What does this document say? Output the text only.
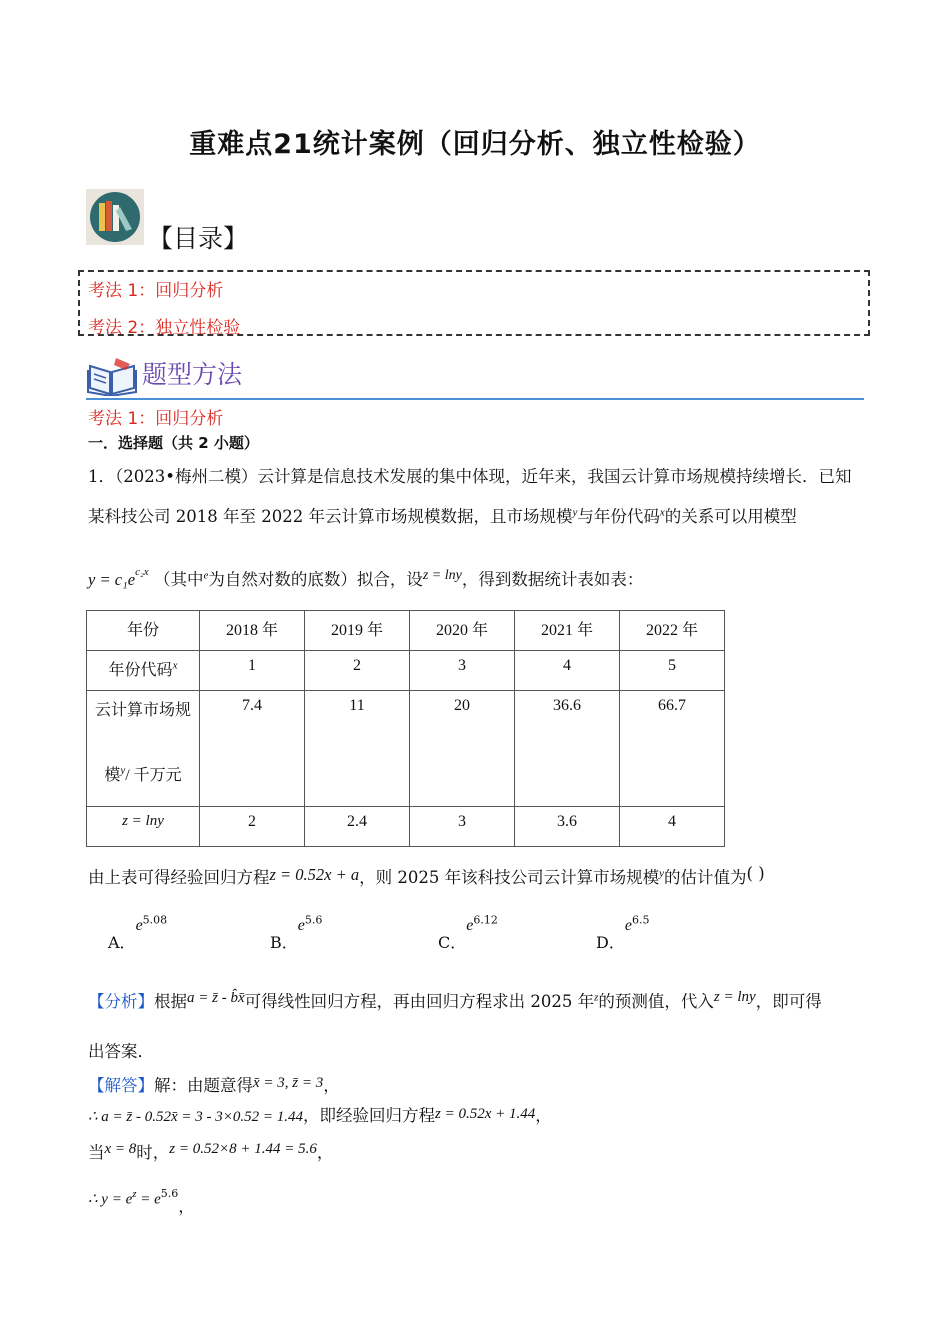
重难点21统计案例（回归分析、独立性检验）
【目录】
考法 1：回归分析
考法 2：独立性检验
题型方法
考法 1：回归分析
一．选择题（共 2 小题）
1．（2023•梅州二模）云计算是信息技术发展的集中体现，近年来，我国云计算市场规模持续增长．已知
某科技公司 2018 年至 2022 年云计算市场规模数据，且市场规模$^y$与年份代码$^x$的关系可以用模型
$y = c_1e^{c_2x}$ （其中$^e$为自然对数的底数）拟合，设$^{z = lny}$，得到数据统计表如表：
年份	2018 年	2019 年	2020 年	2021 年	2022 年
年份代码$^x$	1	2	3	4	5

云计算市场规
模$^y$/ 千万元	7.4	11	20	36.6	66.7
z = lny	2	2.4	3	3.6	4
由上表可得经验回归方程z = 0.52x + a，则 2025 年该科技公司云计算市场规模$^y$的估计值为( )
A．$e^{5.08}$
B．$e^{5.6}$
C．$e^{6.12}$
D．$e^{6.5}$
【分析】根据a = z̄ - b̂x̄可得线性回归方程，再由回归方程求出 2025 年$^z$的预测值，代入z = lny，即可得
出答案．
【解答】解：由题意得x̄ = 3, z̄ = 3，
∴ a = z̄ - 0.52x̄ = 3 - 3×0.52 = 1.44，即经验回归方程z = 0.52x + 1.44，
当x = 8时，z = 0.52×8 + 1.44 = 5.6，
∴ $y = e^z = e^{5.6}$，
